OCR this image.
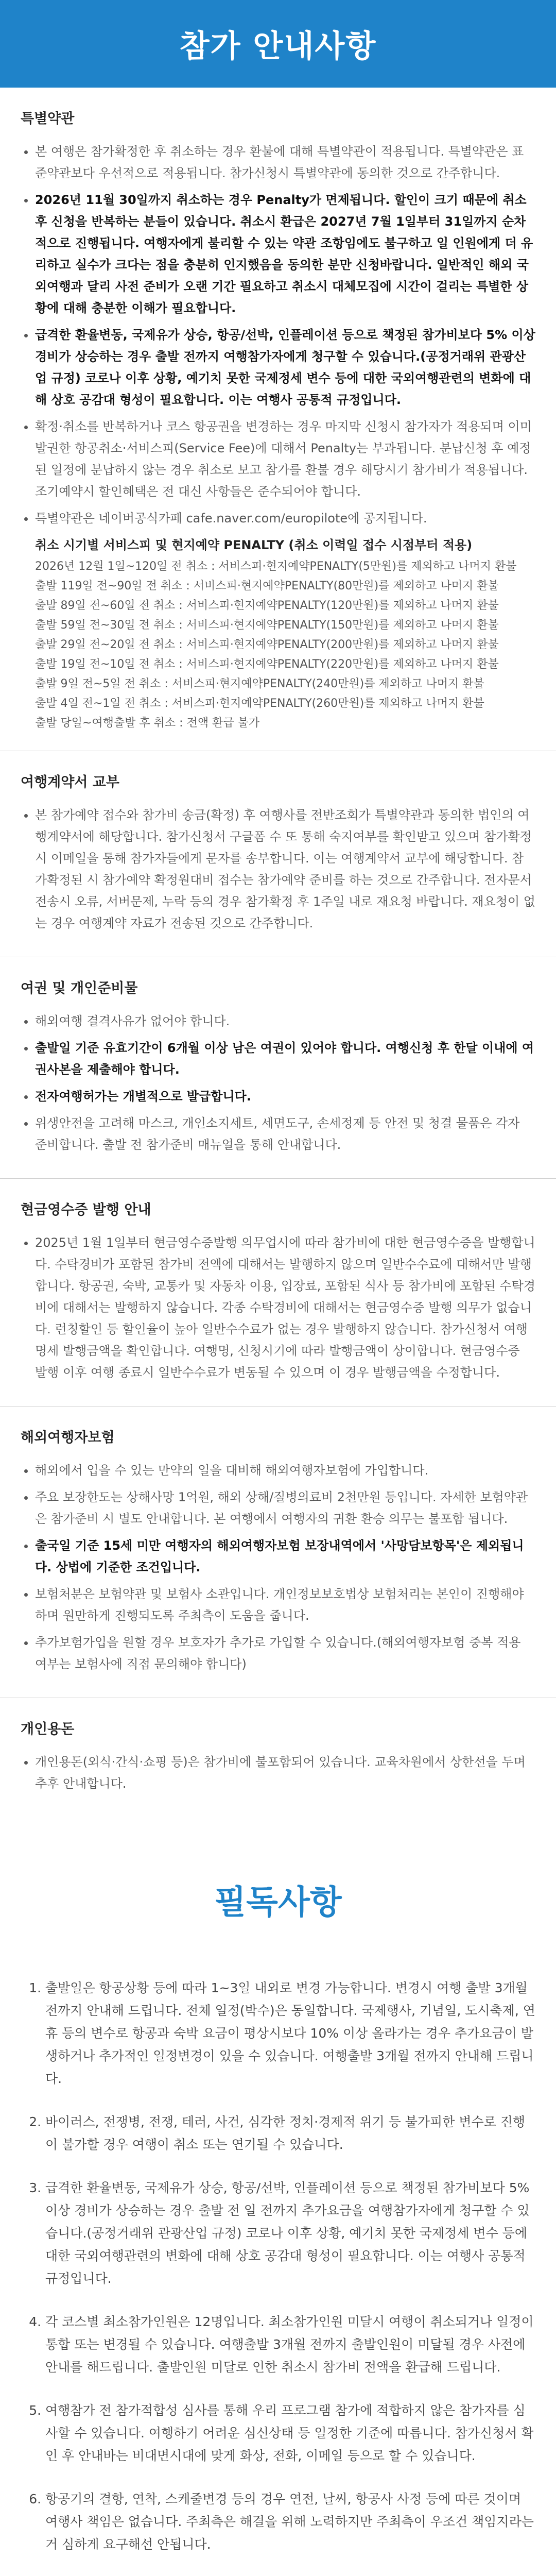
참가 안내사항
특별약관
• 본 여행은 참가확정한 후 취소하는 경우 환불에 대해 특별약관이 적용됩니다. 특별약관은 표준약관보다 우선적으로 적용됩니다. 참가신청시 특별약관에 동의한 것으로 간주합니다.
• 2026년 11월 30일까지 취소하는 경우 Penalty가 면제됩니다. 할인이 크기 때문에 취소 후 신청을 반복하는 분들이 있습니다. 취소시 환급은 2027년 7월 1일부터 31일까지 순차적으로 진행됩니다. 여행자에게 불리할 수 있는 약관 조항임에도 불구하고 일 인원에게 더 유리하고 실수가 크다는 점을 충분히 인지했음을 동의한 분만 신청바랍니다. 일반적인 해외 국외여행과 달리 사전 준비가 오랜 기간 필요하고 취소시 대체모집에 시간이 걸리는 특별한 상황에 대해 충분한 이해가 필요합니다.
• 급격한 환율변동, 국제유가 상승, 항공/선박, 인플레이션 등으로 책정된 참가비보다 5% 이상 경비가 상승하는 경우 출발 전까지 여행참가자에게 청구할 수 있습니다.(공정거래위 관광산업 규정) 코로나 이후 상황, 예기치 못한 국제정세 변수 등에 대한 국외여행관련의 변화에 대해 상호 공감대 형성이 필요합니다. 이는 여행사 공통적 규정입니다.
• 확정·취소를 반복하거나 코스 항공권을 변경하는 경우 마지막 신청시 참가자가 적용되며 이미 발권한 항공취소·서비스피(Service Fee)에 대해서 Penalty는 부과됩니다. 분납신청 후 예정된 일정에 분납하지 않는 경우 취소로 보고 참가를 환불 경우 해당시기 참가비가 적용됩니다. 조기예약시 할인혜택은 전 대신 사항들은 준수되어야 합니다.
• 특별약관은 네이버공식카페 cafe.naver.com/europilote에 공지됩니다.
취소 시기별 서비스피 및 현지예약 PENALTY (취소 이력일 접수 시점부터 적용)
2026년 12월 1일~120일 전 취소 : 서비스피·현지예약PENALTY(5만원)를 제외하고 나머지 환불
출발 119일 전~90일 전 취소 : 서비스피·현지예약PENALTY(80만원)를 제외하고 나머지 환불
출발 89일 전~60일 전 취소 : 서비스피·현지예약PENALTY(120만원)를 제외하고 나머지 환불
출발 59일 전~30일 전 취소 : 서비스피·현지예약PENALTY(150만원)를 제외하고 나머지 환불
출발 29일 전~20일 전 취소 : 서비스피·현지예약PENALTY(200만원)를 제외하고 나머지 환불
출발 19일 전~10일 전 취소 : 서비스피·현지예약PENALTY(220만원)를 제외하고 나머지 환불
출발 9일 전~5일 전 취소 : 서비스피·현지예약PENALTY(240만원)를 제외하고 나머지 환불
출발 4일 전~1일 전 취소 : 서비스피·현지예약PENALTY(260만원)를 제외하고 나머지 환불
출발 당일~여행출발 후 취소 : 전액 환급 불가
여행계약서 교부
• 본 참가예약 접수와 참가비 송금(확정) 후 여행사를 전반조회가 특별약관과 동의한 법인의 여행계약서에 해당합니다. 참가신청서 구글폼 수 또 통해 숙지여부를 확인받고 있으며 참가확정시 이메일을 통해 참가자들에게 문자를 송부합니다. 이는 여행계약서 교부에 해당합니다. 참가확정된 시 참가예약 확정원대비 접수는 참가예약 준비를 하는 것으로 간주합니다. 전자문서 전송시 오류, 서버문제, 누락 등의 경우 참가확정 후 1주일 내로 재요청 바랍니다. 재요청이 없는 경우 여행계약 자료가 전송된 것으로 간주합니다.
여권 및 개인준비물
• 해외여행 결격사유가 없어야 합니다.
• 출발일 기준 유효기간이 6개월 이상 남은 여권이 있어야 합니다. 여행신청 후 한달 이내에 여권사본을 제출해야 합니다.
• 전자여행허가는 개별적으로 발급합니다.
• 위생안전을 고려해 마스크, 개인소지세트, 세면도구, 손세정제 등 안전 및 청결 물품은 각자 준비합니다. 출발 전 참가준비 매뉴얼을 통해 안내합니다.
현금영수증 발행 안내
• 2025년 1월 1일부터 현금영수증발행 의무업시에 따라 참가비에 대한 현금영수증을 발행합니다. 수탁경비가 포함된 참가비 전액에 대해서는 발행하지 않으며 일반수수료에 대해서만 발행합니다. 항공권, 숙박, 교통카 및 자동차 이용, 입장료, 포함된 식사 등 참가비에 포함된 수탁경비에 대해서는 발행하지 않습니다. 각종 수탁경비에 대해서는 현금영수증 발행 의무가 없습니다. 런칭할인 등 할인율이 높아 일반수수료가 없는 경우 발행하지 않습니다. 참가신청서 여행명세 발행금액을 확인합니다. 여행명, 신청시기에 따라 발행금액이 상이합니다. 현금영수증 발행 이후 여행 종료시 일반수수료가 변동될 수 있으며 이 경우 발행금액을 수정합니다.
해외여행자보험
• 해외에서 입을 수 있는 만약의 일을 대비해 해외여행자보험에 가입합니다.
• 주요 보장한도는 상해사망 1억원, 해외 상해/질병의료비 2천만원 등입니다. 자세한 보험약관은 참가준비 시 별도 안내합니다. 본 여행에서 여행자의 귀환 환승 의무는 불포함 됩니다.
• 출국일 기준 15세 미만 여행자의 해외여행자보험 보장내역에서 '사망담보항목'은 제외됩니다. 상법에 기준한 조건입니다.
• 보험처분은 보험약관 및 보험사 소관입니다. 개인정보보호법상 보험처리는 본인이 진행해야 하며 원만하게 진행되도록 주최측이 도움을 줍니다.
• 추가보험가입을 원할 경우 보호자가 추가로 가입할 수 있습니다.(해외여행자보험 중복 적용 여부는 보험사에 직접 문의해야 합니다)
개인용돈
• 개인용돈(외식·간식·쇼핑 등)은 참가비에 불포함되어 있습니다. 교육차원에서 상한선을 두며 추후 안내합니다.
필독사항
1. 출발일은 항공상황 등에 따라 1~3일 내외로 변경 가능합니다. 변경시 여행 출발 3개월 전까지 안내해 드립니다. 전체 일정(박수)은 동일합니다. 국제행사, 기념일, 도시축제, 연휴 등의 변수로 항공과 숙박 요금이 평상시보다 10% 이상 올라가는 경우 추가요금이 발생하거나 추가적인 일정변경이 있을 수 있습니다. 여행출발 3개월 전까지 안내해 드립니다.
2. 바이러스, 전쟁병, 전쟁, 테러, 사건, 심각한 정치·경제적 위기 등 불가피한 변수로 진행이 불가할 경우 여행이 취소 또는 연기될 수 있습니다.
3. 급격한 환율변동, 국제유가 상승, 항공/선박, 인플레이션 등으로 책정된 참가비보다 5% 이상 경비가 상승하는 경우 출발 전 일 전까지 추가요금을 여행참가자에게 청구할 수 있습니다.(공정거래위 관광산업 규정) 코로나 이후 상황, 예기치 못한 국제정세 변수 등에 대한 국외여행관련의 변화에 대해 상호 공감대 형성이 필요합니다. 이는 여행사 공통적 규정입니다.
4. 각 코스별 최소참가인원은 12명입니다. 최소참가인원 미달시 여행이 취소되거나 일정이 통합 또는 변경될 수 있습니다. 여행출발 3개월 전까지 출발인원이 미달될 경우 사전에 안내를 해드립니다. 출발인원 미달로 인한 취소시 참가비 전액을 환급해 드립니다.
5. 여행참가 전 참가적합성 심사를 통해 우리 프로그램 참가에 적합하지 않은 참가자를 심사할 수 있습니다. 여행하기 어려운 심신상태 등 일정한 기준에 따릅니다. 참가신청서 확인 후 안내바는 비대면시대에 맞게 화상, 전화, 이메일 등으로 할 수 있습니다.
6. 항공기의 결항, 연착, 스케줄변경 등의 경우 연전, 날씨, 항공사 사정 등에 따른 것이며 여행사 책임은 없습니다. 주최측은 해결을 위해 노력하지만 주최측이 우조건 책임지라는 거 심하게 요구해선 안됩니다.
